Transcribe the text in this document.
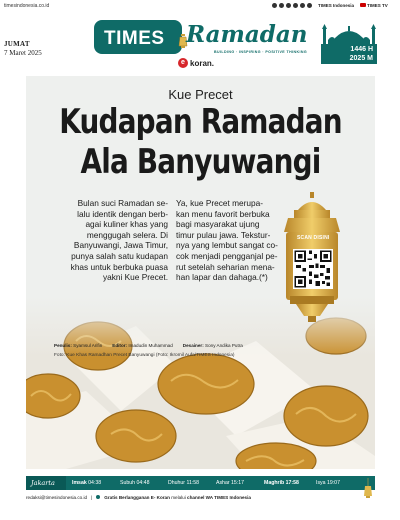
timesindonesia.co.id	TIMES Indonesia	TIMES TV
JUMAT
7 Maret 2025
TIMES Ramadan
BUILDING · INSPIRING · POSITIVE THINKING
e koran.
1446 H
2025 M
Kue Precet
Kudapan Ramadan
Ala Banyuwangi
Bulan suci Ramadan se-
lalu identik dengan berb-
agai kuliner khas yang
menggugah selera. Di
Banyuwangi, Jawa Timur,
punya salah satu kudapan
khas untuk berbuka puasa
yakni Kue Precet.
Ya, kue Precet merupa-
kan menu favorit berbuka
bagi masyarakat ujung
timur pulau jawa. Tekstur-
nya yang lembut sangat co-
cok menjadi pengganjal pe-
rut setelah seharian mena-
han lapar dan dahaga.(*)
SCAN DISINI
Penulis: Syamsul Arifin Editor: Imadudin Muhammad Desainer: Sony Andika Putra
Foto: Kue Khas Ramadhan Precet Banyuwangi (Foto: Ikromil Aufa/TIMES Indonesia)
Jakarta	Imsak 04:38	Subuh 04:48	Dhuhur 11:58	Ashar 15:17	Maghrib 17:58	Isya 19:07
redaksi@timesindonesia.co.id |	Gratis Berlangganan E- Koran melalui channel WA TIMES Indonesia
